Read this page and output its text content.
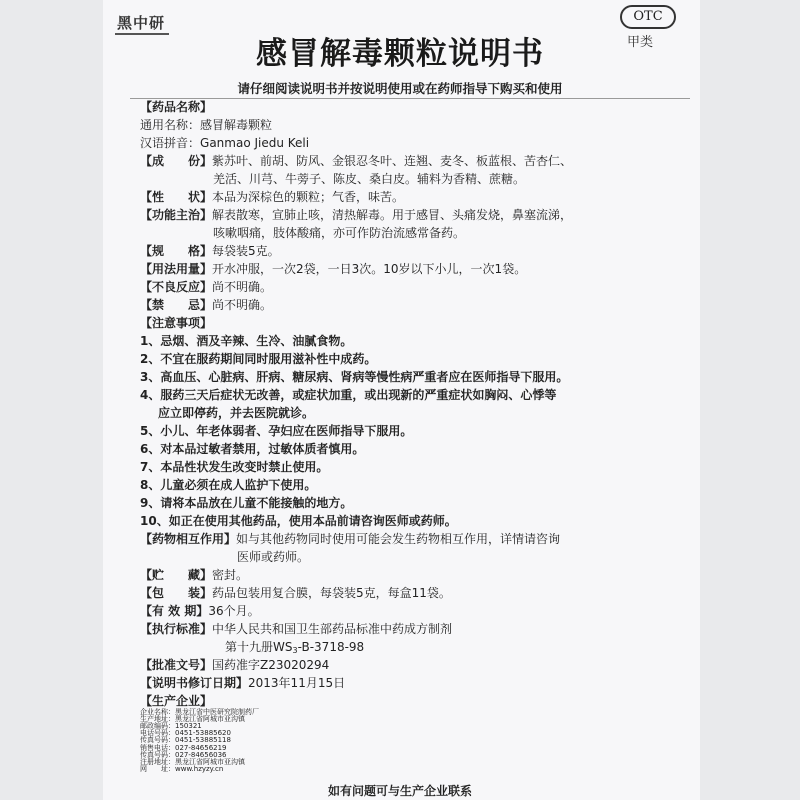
黑中研	OTC
甲类
感冒解毒颗粒说明书
请仔细阅读说明书并按说明使用或在药师指导下购买和使用
【药品名称】
通用名称：感冒解毒颗粒
汉语拼音：Ganmao Jiedu Keli
【成　　份】紫苏叶、前胡、防风、金银忍冬叶、连翘、麦冬、板蓝根、苦杏仁、
羌活、川芎、牛蒡子、陈皮、桑白皮。辅料为香精、蔗糖。
【性　　状】本品为深棕色的颗粒；气香，味苦。
【功能主治】解表散寒，宣肺止咳，清热解毒。用于感冒、头痛发烧，鼻塞流涕，
咳嗽咽痛，肢体酸痛，亦可作防治流感常备药。
【规　　格】每袋装5克。
【用法用量】开水冲服，一次2袋，一日3次。10岁以下小儿，一次1袋。
【不良反应】尚不明确。
【禁　　忌】尚不明确。
【注意事项】
1、忌烟、酒及辛辣、生冷、油腻食物。
2、不宜在服药期间同时服用滋补性中成药。
3、高血压、心脏病、肝病、糖尿病、肾病等慢性病严重者应在医师指导下服用。
4、服药三天后症状无改善，或症状加重，或出现新的严重症状如胸闷、心悸等
应立即停药，并去医院就诊。
5、小儿、年老体弱者、孕妇应在医师指导下服用。
6、对本品过敏者禁用，过敏体质者慎用。
7、本品性状发生改变时禁止使用。
8、儿童必须在成人监护下使用。
9、请将本品放在儿童不能接触的地方。
10、如正在使用其他药品，使用本品前请咨询医师或药师。
【药物相互作用】如与其他药物同时使用可能会发生药物相互作用，详情请咨询
医师或药师。
【贮　　藏】密封。
【包　　装】药品包装用复合膜，每袋装5克，每盒11袋。
【有 效 期】36个月。
【执行标准】中华人民共和国卫生部药品标准中药成方制剂
第十九册$WS_3-B-3718-98$
【批准文号】国药准字Z23020294
【说明书修订日期】2013年11月15日
【生产企业】
企业名称：黑龙江省中医研究院制药厂
生产地址：黑龙江省阿城市亚沟镇
邮政编码：150321
电话号码：0451-53885620
传真号码：0451-53885118
销售电话：027-84656219
传真号码：027-84656036
注册地址：黑龙江省阿城市亚沟镇
网　　址：www.hzyzy.cn
如有问题可与生产企业联系
